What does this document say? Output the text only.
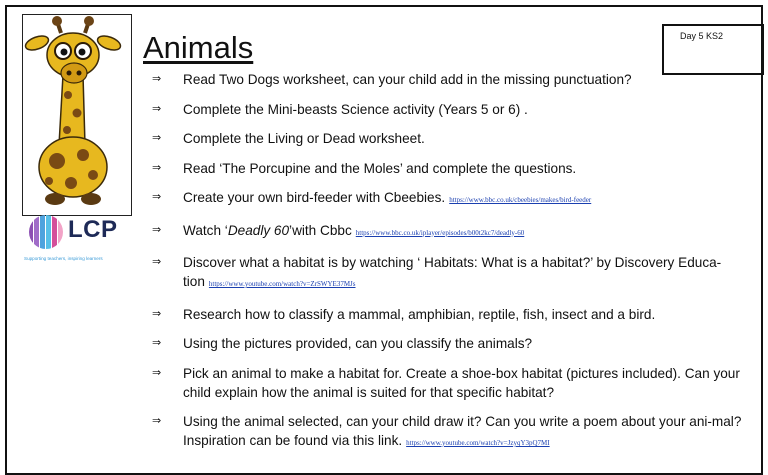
LCP
Supporting teachers, inspiring learners
Animals	Day 5 KS2
⇒	Read Two Dogs worksheet, can your child add in the missing punctuation?
⇒	Complete the Mini-beasts Science activity (Years 5 or 6) .
⇒	Complete the Living or Dead worksheet.
⇒	Read ‘The Porcupine and the Moles’ and complete the questions.
⇒	Create your own bird-feeder with Cbeebies. https://www.bbc.co.uk/cbeebies/makes/bird-feeder
⇒	Watch ‘Deadly 60’with Cbbc https://www.bbc.co.uk/iplayer/episodes/b00t2kc7/deadly-60
⇒	Discover what a habitat is by watching ‘ Habitats: What is a habitat?’ by Discovery Educa-tion https://www.youtube.com/watch?v=ZrSWYE37MJs
⇒	Research how to classify a mammal, amphibian, reptile, fish, insect and a bird.
⇒	Using the pictures provided, can you classify the animals?
⇒	Pick an animal to make a habitat for. Create a shoe-box habitat (pictures included). Can your child explain how the animal is suited for that specific habitat?
⇒	Using the animal selected, can your child draw it? Can you write a poem about your ani-mal? Inspiration can be found via this link. https://www.youtube.com/watch?v=JzyqY3pQ7MI
